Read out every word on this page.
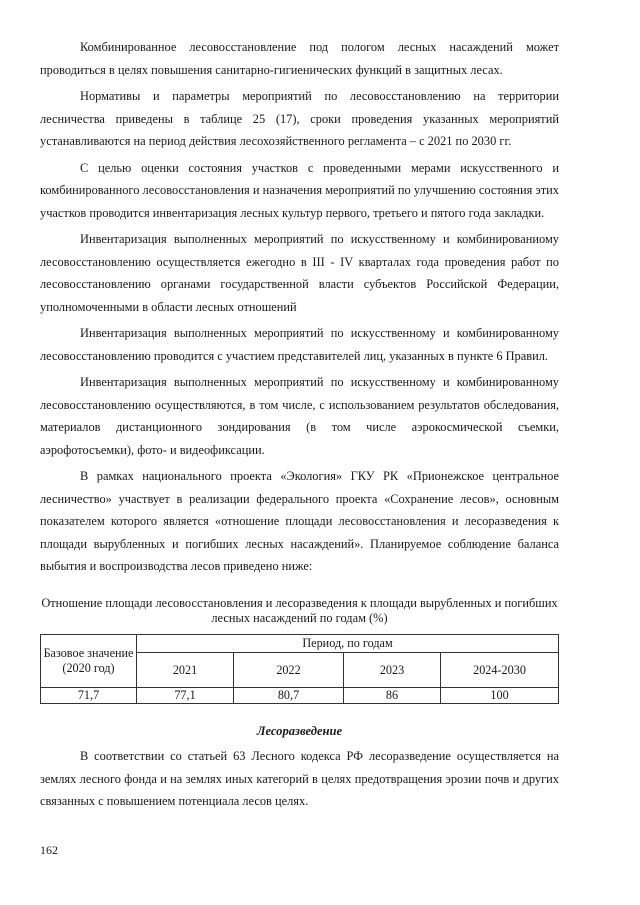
Комбинированное лесовосстановление под пологом лесных насаждений может проводиться в целях повышения санитарно-гигиенических функций в защитных лесах.

Нормативы и параметры мероприятий по лесовосстановлению на территории лесничества приведены в таблице 25 (17), сроки проведения указанных мероприятий устанавливаются на период действия лесохозяйственного регламента – с 2021 по 2030 гг.

С целью оценки состояния участков с проведенными мерами искусственного и комбинированного лесовосстановления и назначения мероприятий по улучшению состояния этих участков проводится инвентаризация лесных культур первого, третьего и пятого года закладки.

Инвентаризация выполненных мероприятий по искусственному и комбинированиому лесовосстановлению осуществляется ежегодно в III - IV кварталах года проведения работ по лесовосстановлению органами государственной власти субъектов Российской Федерации, уполномоченными в области лесных отношений

Инвентаризация выполненных мероприятий по искусственному и комбинированному лесовосстановлению проводится с участием представителей лиц, указанных в пункте 6 Правил.

Инвентаризация выполненных мероприятий по искусственному и комбинированному лесовосстановлению осуществляются, в том числе, с использованием результатов обследования, материалов дистанционного зондирования (в том числе аэрокосмической съемки, аэрофотосъемки), фото- и видеофиксации.

В рамках национального проекта «Экология» ГКУ РК «Прионежское центральное лесничество» участвует в реализации федерального проекта «Сохранение лесов», основным показателем которого является «отношение площади лесовосстановления и лесоразведения к площади вырубленных и погибших лесных насаждений». Планируемое соблюдение баланса выбытия и воспроизводства лесов приведено ниже:

Отношение площади лесовосстановления и лесоразведения к площади вырубленных и погибших лесных насаждений по годам (%)
Базовое значение (2020 год)	Период, по годам			
	2021	2022	2023	2024-2030
71,7	77,1	80,7	86	100
Лесоразведение

В соответствии со статьей 63 Лесного кодекса РФ лесоразведение осуществляется на землях лесного фонда и на землях иных категорий в целях предотвращения эрозии почв и других связанных с повышением потенциала лесов целях.

162
